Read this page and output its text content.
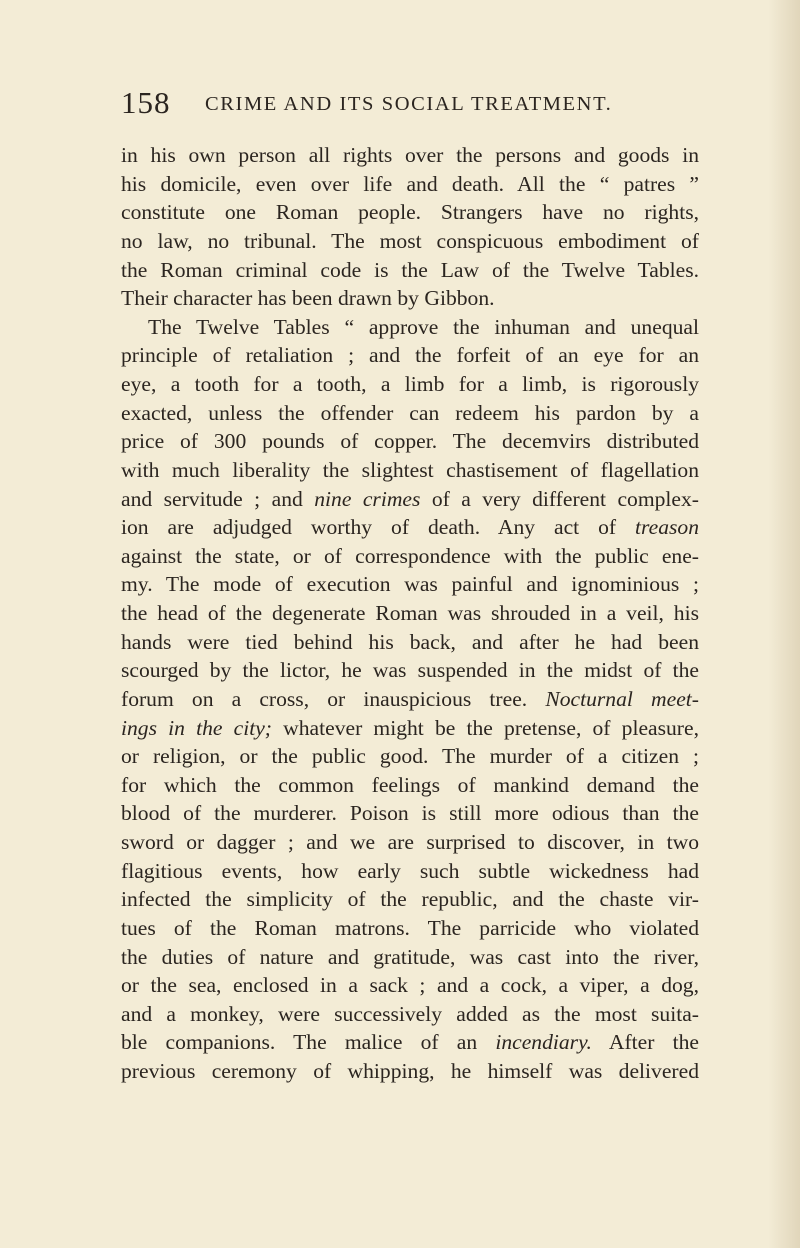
158 CRIME AND ITS SOCIAL TREATMENT.
in his own person all rights over the persons and goods in
his domicile, even over life and death. All the “ patres ”
constitute one Roman people. Strangers have no rights,
no law, no tribunal. The most conspicuous embodiment of
the Roman criminal code is the Law of the Twelve Tables.
Their character has been drawn by Gibbon.
The Twelve Tables “ approve the inhuman and unequal
principle of retaliation ; and the forfeit of an eye for an
eye, a tooth for a tooth, a limb for a limb, is rigorously
exacted, unless the offender can redeem his pardon by a
price of 300 pounds of copper. The decemvirs distributed
with much liberality the slightest chastisement of flagellation
and servitude ; and nine crimes of a very different complex-
ion are adjudged worthy of death. Any act of treason
against the state, or of correspondence with the public ene-
my. The mode of execution was painful and ignominious ;
the head of the degenerate Roman was shrouded in a veil, his
hands were tied behind his back, and after he had been
scourged by the lictor, he was suspended in the midst of the
forum on a cross, or inauspicious tree. Nocturnal meet-
ings in the city; whatever might be the pretense, of pleasure,
or religion, or the public good. The murder of a citizen ;
for which the common feelings of mankind demand the
blood of the murderer. Poison is still more odious than the
sword or dagger ; and we are surprised to discover, in two
flagitious events, how early such subtle wickedness had
infected the simplicity of the republic, and the chaste vir-
tues of the Roman matrons. The parricide who violated
the duties of nature and gratitude, was cast into the river,
or the sea, enclosed in a sack ; and a cock, a viper, a dog,
and a monkey, were successively added as the most suita-
ble companions. The malice of an incendiary. After the
previous ceremony of whipping, he himself was delivered
